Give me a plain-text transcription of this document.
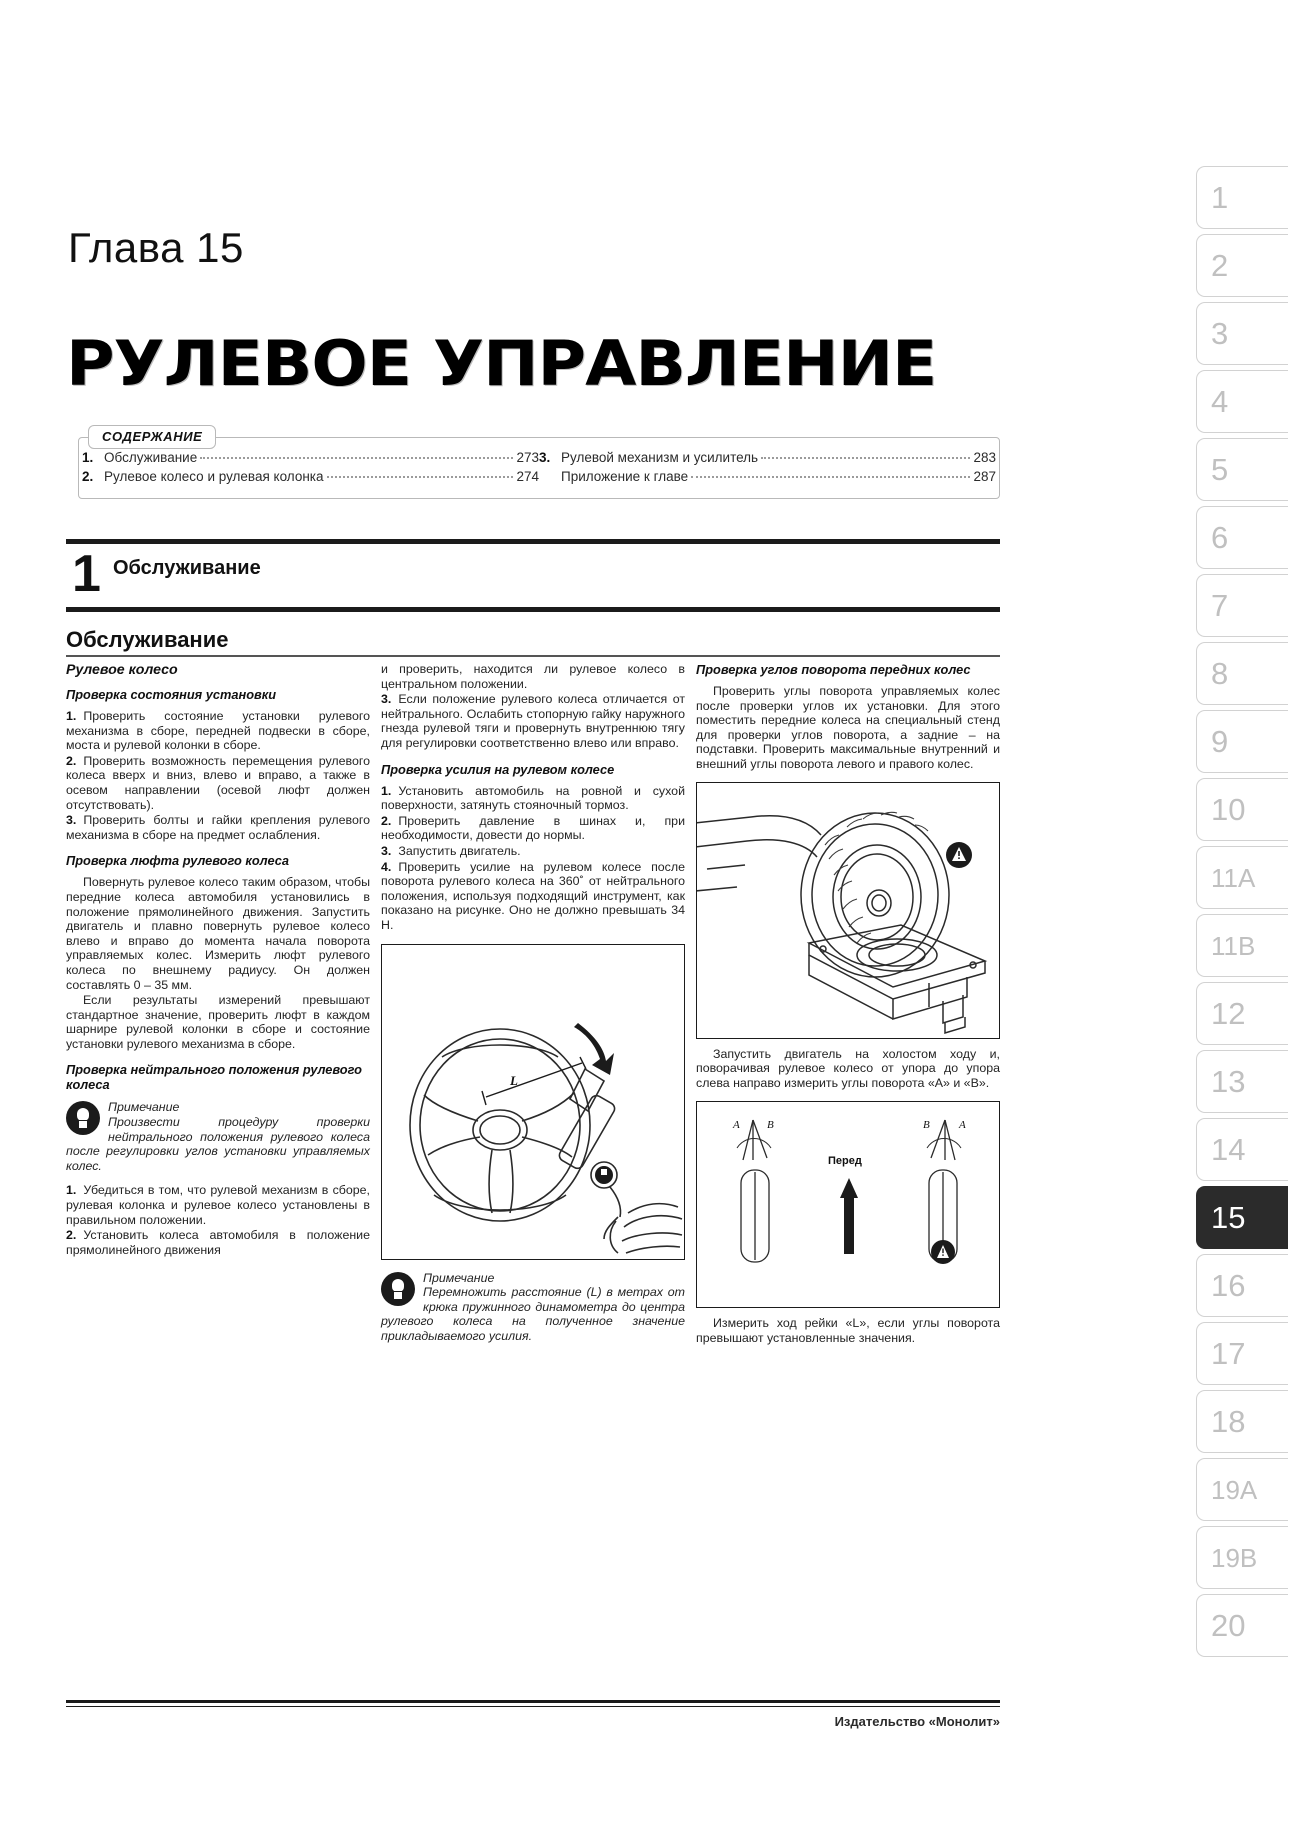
1
2
3
4
5
6
7
8
9
10
11A
11B
12
13
14
15
16
17
18
19A
19B
20
Глава 15
РУЛЕВОЕ УПРАВЛЕНИЕ
СОДЕРЖАНИЕ
1. Обслуживание	273
2. Рулевое колесо и рулевая колонка	274
3. Рулевой механизм и усилитель	283
Приложение к главе	287
1 Обслуживание
Обслуживание
Рулевое колесо
Проверка состояния установки

1. Проверить состояние установки рулевого механизма в сборе, передней подвески в сборе, моста и рулевой колонки в сборе.

2. Проверить возможность перемещения рулевого колеса вверх и вниз, влево и вправо, а также в осевом направлении (осевой люфт должен отсутствовать).

3. Проверить болты и гайки крепления рулевого механизма в сборе на предмет ослабления.

Проверка люфта рулевого колеса

Повернуть рулевое колесо таким образом, чтобы передние колеса автомобиля установились в положение прямолинейного движения. Запустить двигатель и плавно повернуть рулевое колесо влево и вправо до момента начала поворота управляемых колес. Измерить люфт рулевого колеса по внешнему радиусу. Он должен составлять 0 – 35 мм.

Если результаты измерений превышают стандартное значение, проверить люфт в каждом шарнире рулевой колонки в сборе и состояние установки рулевого механизма в сборе.

Проверка нейтрального положения рулевого колеса
Примечание
Произвести процедуру проверки нейтрального положения рулевого колеса после регулировки углов установки управляемых колес.

1. Убедиться в том, что рулевой механизм в сборе, рулевая колонка и рулевое колесо установлены в правильном положении.

2. Установить колеса автомобиля в положение прямолинейного движения

и проверить, находится ли рулевое колесо в центральном положении.

3. Если положение рулевого колеса отличается от нейтрального. Ослабить стопорную гайку наружного гнезда рулевой тяги и провернуть внутреннюю тягу для регулировки соответственно влево или вправо.

Проверка усилия на рулевом колесе

1. Установить автомобиль на ровной и сухой поверхности, затянуть стояночный тормоз.

2. Проверить давление в шинах и, при необходимости, довести до нормы.

3. Запустить двигатель.

4. Проверить усилие на рулевом колесе после поворота рулевого колеса на 360˚ от нейтрального положения, используя подходящий инструмент, как показано на рисунке. Оно не должно превышать 34 Н.

L
Примечание
Перемножить расстояние (L) в метрах от крюка пружинного динамометра до центра рулевого колеса на полученное значение прикладываемого усилия.
Проверка углов поворота передних колес

Проверить углы поворота управляемых колес после проверки углов их установки. Для этого поместить передние колеса на специальный стенд для проверки углов поворота, а задние – на подставки. Проверить максимальные внутренний и внешний углы поворота левого и правого колес.

Запустить двигатель на холостом ходу и, поворачивая рулевое колесо от упора до упора слева направо измерить углы поворота «А» и «В».
А В	В	А
Перед
Измерить ход рейки «L», если углы поворота превышают установленные значения.
Издательство «Монолит»
